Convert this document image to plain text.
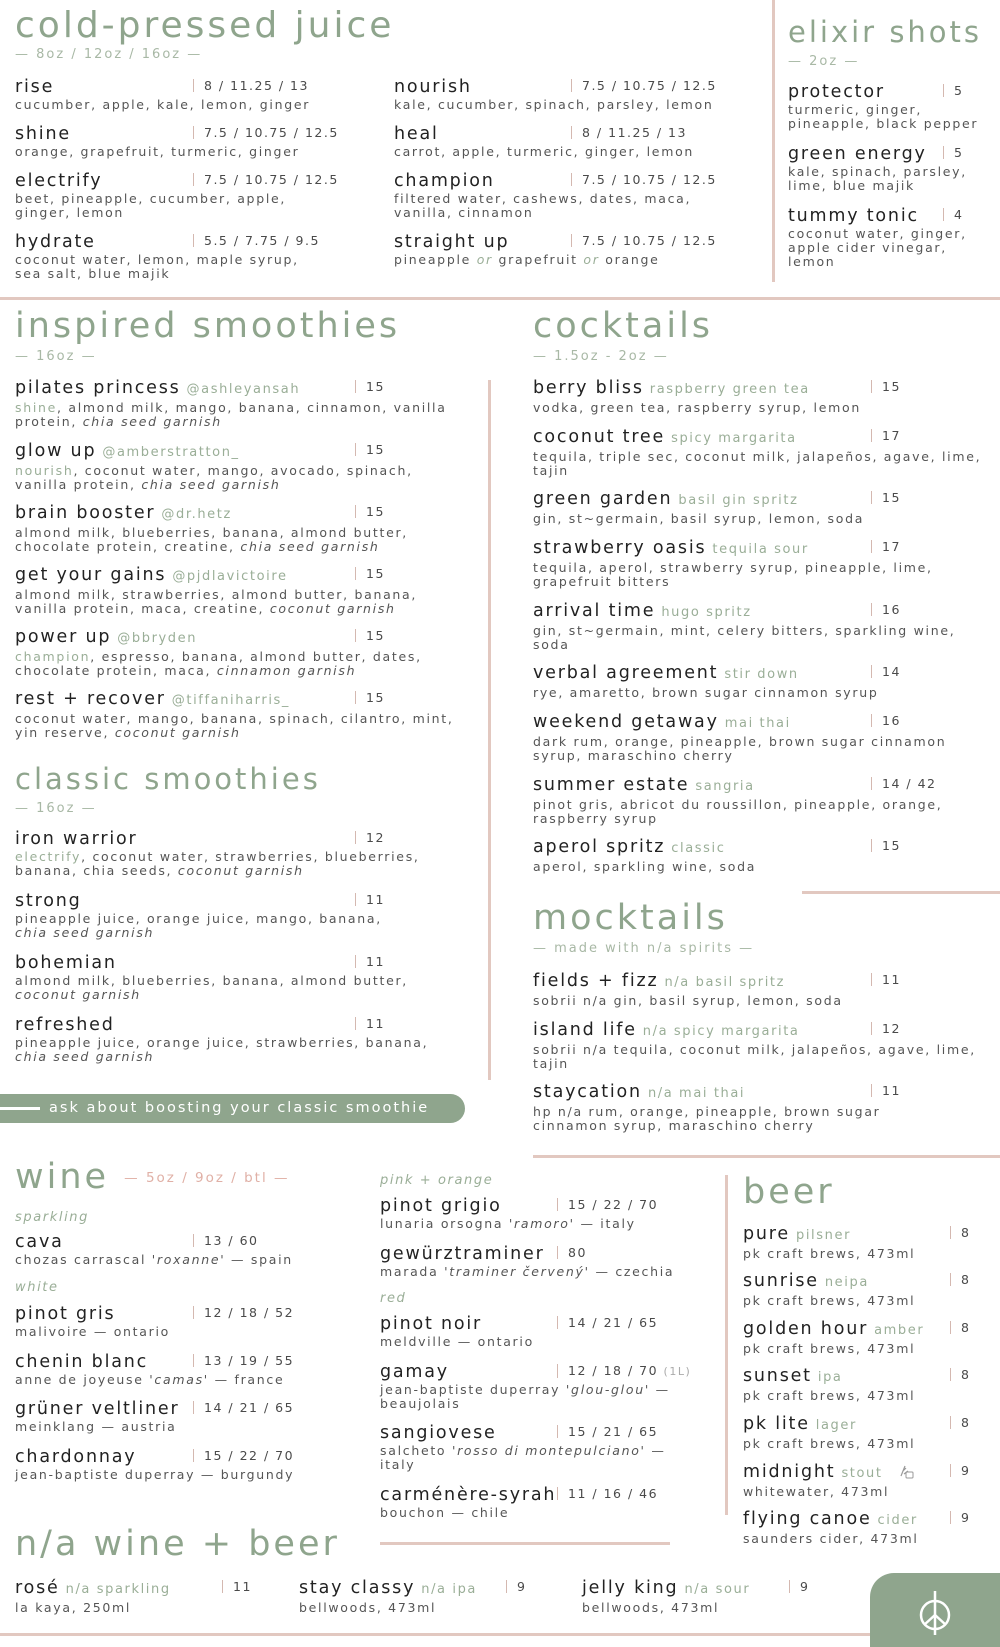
cold-pressed juice
— 8oz / 12oz / 16oz —
rise	8 / 11.25 / 13
cucumber, apple, kale, lemon, ginger
shine	7.5 / 10.75 / 12.5
orange, grapefruit, turmeric, ginger
electrify	7.5 / 10.75 / 12.5
beet, pineapple, cucumber, apple, ginger, lemon
hydrate	5.5 / 7.75 / 9.5
coconut water, lemon, maple syrup, sea salt, blue majik
nourish	7.5 / 10.75 / 12.5
kale, cucumber, spinach, parsley, lemon
heal	8 / 11.25 / 13
carrot, apple, turmeric, ginger, lemon
champion	7.5 / 10.75 / 12.5
filtered water, cashews, dates, maca, vanilla, cinnamon
straight up	7.5 / 10.75 / 12.5
pineapple or grapefruit or orange
elixir shots
— 2oz —
protector	5
turmeric, ginger, pineapple, black pepper
green energy	5
kale, spinach, parsley, lime, blue majik
tummy tonic	4
coconut water, ginger, apple cider vinegar, lemon
inspired smoothies
— 16oz —
pilates princess @ashleyansah	15
shine, almond milk, mango, banana, cinnamon, vanilla protein, chia seed garnish
glow up @amberstratton_	15
nourish, coconut water, mango, avocado, spinach, vanilla protein, chia seed garnish
brain booster @dr.hetz	15
almond milk, blueberries, banana, almond butter, chocolate protein, creatine, chia seed garnish
get your gains @pjdlavictoire	15
almond milk, strawberries, almond butter, banana, vanilla protein, maca, creatine, coconut garnish
power up @bbryden	15
champion, espresso, banana, almond butter, dates, chocolate protein, maca, cinnamon garnish
rest + recover @tiffaniharris_	15
coconut water, mango, banana, spinach, cilantro, mint, yin reserve, coconut garnish
classic smoothies
— 16oz —
iron warrior	12
electrify, coconut water, strawberries, blueberries, banana, chia seeds, coconut garnish
strong	11
pineapple juice, orange juice, mango, banana, chia seed garnish
bohemian	11
almond milk, blueberries, banana, almond butter, coconut garnish
refreshed	11
pineapple juice, orange juice, strawberries, banana, chia seed garnish
ask about boosting your classic smoothie
cocktails
— 1.5oz - 2oz —
berry bliss raspberry green tea	15
vodka, green tea, raspberry syrup, lemon
coconut tree spicy margarita	17
tequila, triple sec, coconut milk, jalapeños, agave, lime, tajin
green garden basil gin spritz	15
gin, st~germain, basil syrup, lemon, soda
strawberry oasis tequila sour	17
tequila, aperol, strawberry syrup, pineapple, lime, grapefruit bitters
arrival time hugo spritz	16
gin, st~germain, mint, celery bitters, sparkling wine, soda
verbal agreement stir down	14
rye, amaretto, brown sugar cinnamon syrup
weekend getaway mai thai	16
dark rum, orange, pineapple, brown sugar cinnamon syrup, maraschino cherry
summer estate sangria	14 / 42
pinot gris, abricot du roussillon, pineapple, orange, raspberry syrup
aperol spritz classic	15
aperol, sparkling wine, soda
mocktails
— made with n/a spirits —
fields + fizz n/a basil spritz	11
sobrii n/a gin, basil syrup, lemon, soda
island life n/a spicy margarita	12
sobrii n/a tequila, coconut milk, jalapeños, agave, lime, tajin
staycation n/a mai thai	11
hp n/a rum, orange, pineapple, brown sugar cinnamon syrup, maraschino cherry
wine $^{— 5oz / 9oz / btl —}$
sparkling
cava	13 / 60
chozas carrascal 'roxanne' — spain
white
pinot gris	12 / 18 / 52
malivoire — ontario
chenin blanc	13 / 19 / 55
anne de joyeuse 'camas' — france
grüner veltliner	14 / 21 / 65
meinklang — austria
chardonnay	15 / 22 / 70
jean-baptiste duperray — burgundy
pink + orange
pinot grigio	15 / 22 / 70
lunaria orsogna 'ramoro' — italy
gewürztraminer	80
marada 'traminer červený' — czechia
red
pinot noir	14 / 21 / 65
meldville — ontario
gamay	12 / 18 / 70 (1L)
jean-baptiste duperray 'glou-glou' — beaujolais
sangiovese	15 / 21 / 65
salcheto 'rosso di montepulciano' — italy
carménère-syrah 11 / 16 / 46
bouchon — chile
beer
pure pilsner	8
pk craft brews, 473ml
sunrise neipa	8
pk craft brews, 473ml
golden hour amber	8
pk craft brews, 473ml
sunset ipa	8
pk craft brews, 473ml
pk lite lager	8
pk craft brews, 473ml
midnight stout	9
whitewater, 473ml
flying canoe cider	9
saunders cider, 473ml
n/a wine + beer
rosé n/a sparkling	11
la kaya, 250ml
stay classy n/a ipa	9
bellwoods, 473ml
jelly king n/a sour	9
bellwoods, 473ml
